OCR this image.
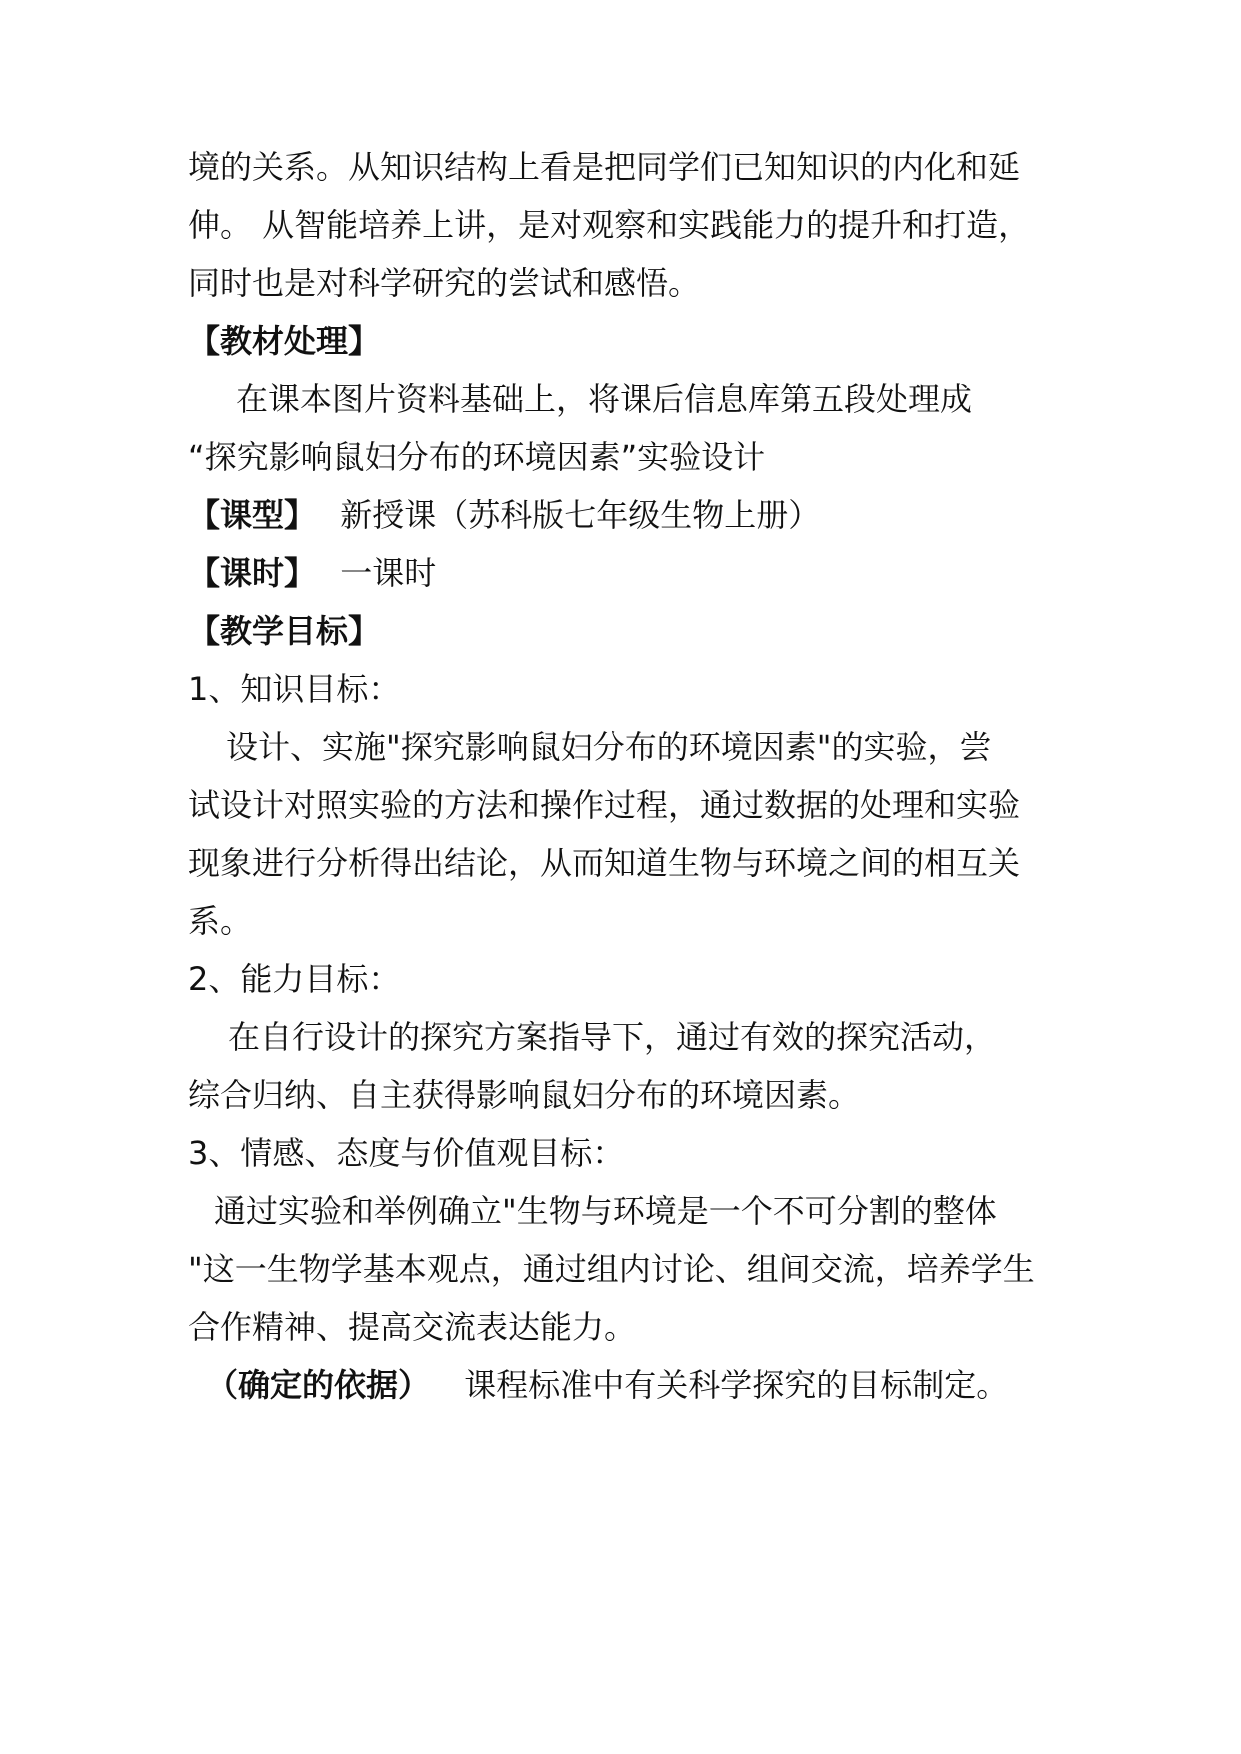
境的关系。从知识结构上看是把同学们已知知识的内化和延
伸。 从智能培养上讲，是对观察和实践能力的提升和打造，
同时也是对科学研究的尝试和感悟。
【教材处理】
在课本图片资料基础上，将课后信息库第五段处理成
“探究影响鼠妇分布的环境因素”实验设计
【课型】 新授课（苏科版七年级生物上册）
【课时】 一课时
【教学目标】
1、知识目标：
设计、实施"探究影响鼠妇分布的环境因素"的实验，尝
试设计对照实验的方法和操作过程，通过数据的处理和实验
现象进行分析得出结论，从而知道生物与环境之间的相互关
系。
2、能力目标：
在自行设计的探究方案指导下，通过有效的探究活动，
综合归纳、自主获得影响鼠妇分布的环境因素。
3、情感、态度与价值观目标：
通过实验和举例确立"生物与环境是一个不可分割的整体
"这一生物学基本观点，通过组内讨论、组间交流，培养学生
合作精神、提高交流表达能力。
（确定的依据） 课程标准中有关科学探究的目标制定。
